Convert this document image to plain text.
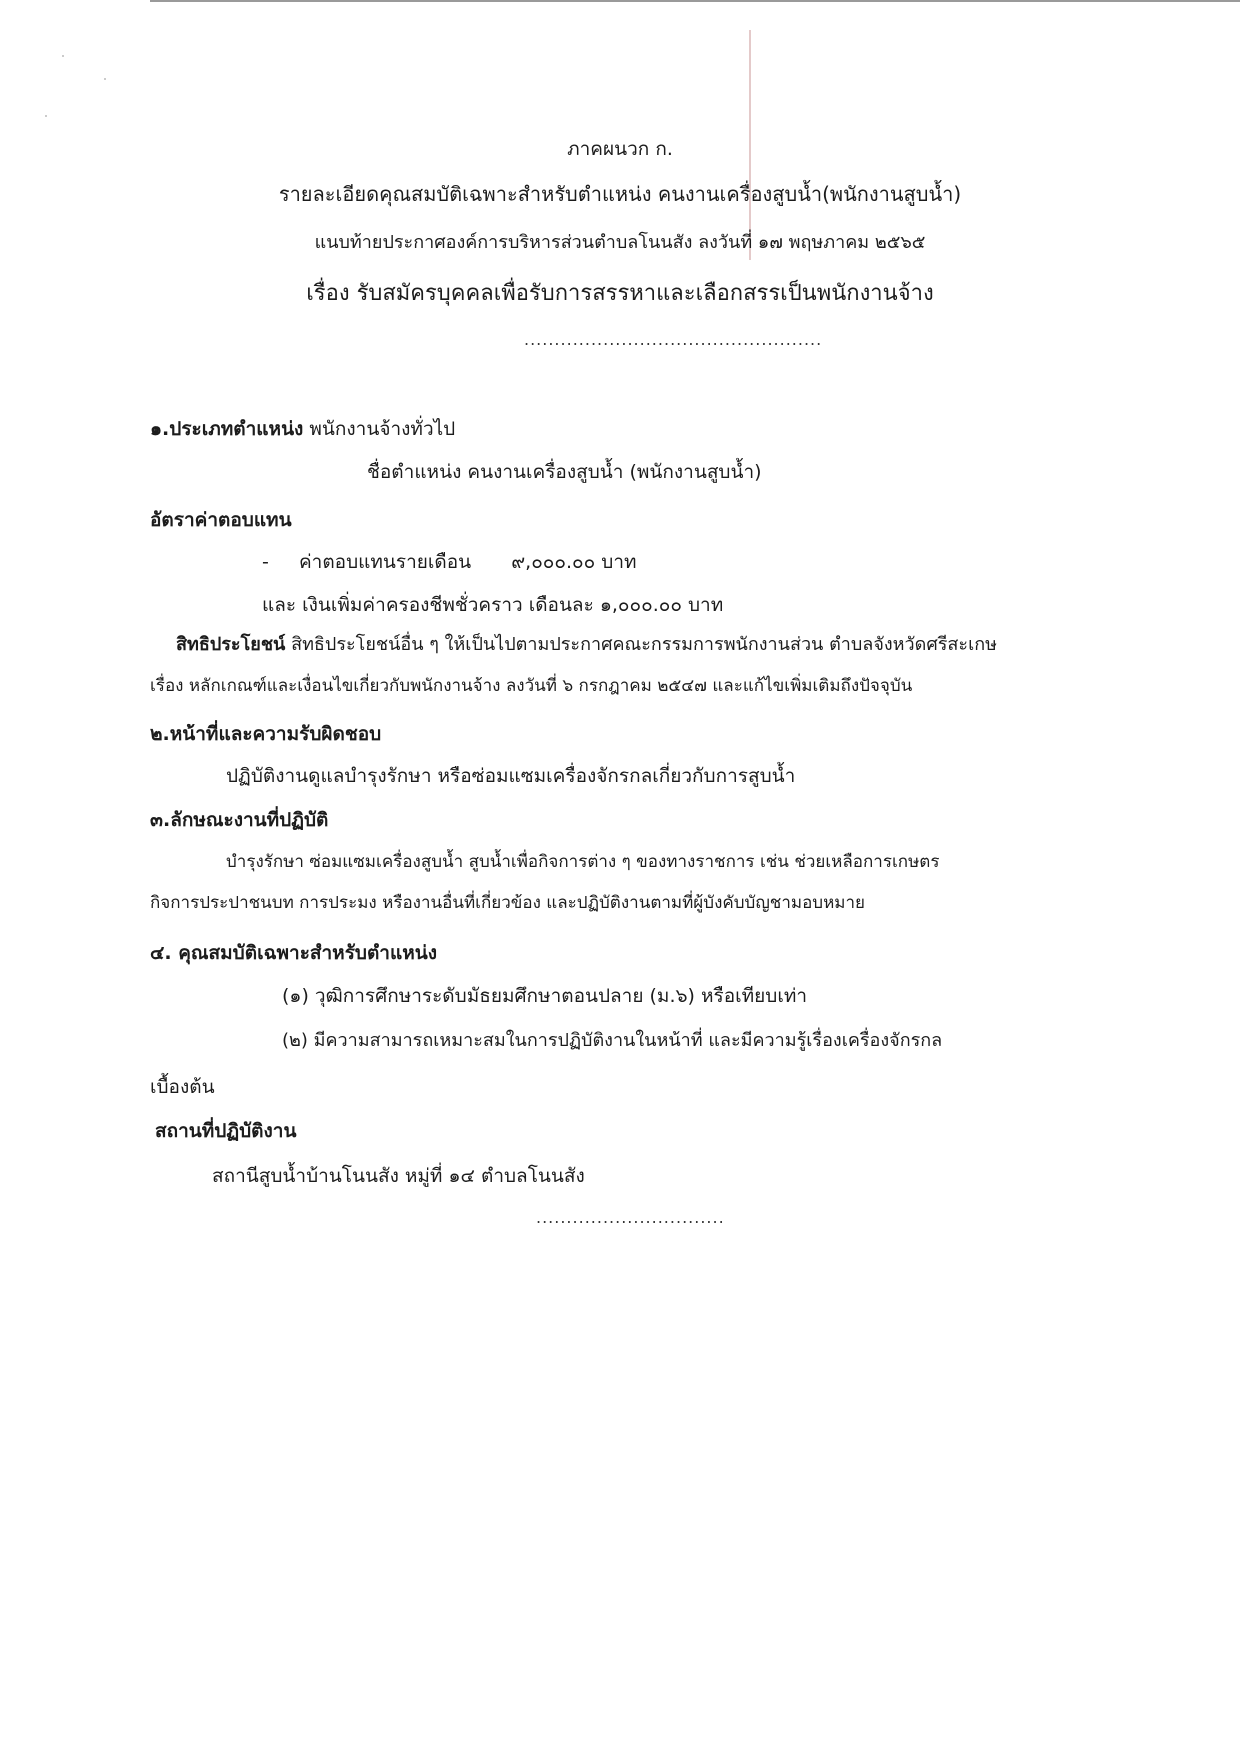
ภาคผนวก ก.
รายละเอียดคุณสมบัติเฉพาะสำหรับตำแหน่ง คนงานเครื่องสูบน้ำ(พนักงานสูบน้ำ)
แนบท้ายประกาศองค์การบริหารส่วนตำบลโนนสัง ลงวันที่ ๑๗ พฤษภาคม ๒๕๖๕
เรื่อง รับสมัครบุคคลเพื่อรับการสรรหาและเลือกสรรเป็นพนักงานจ้าง
.................................................
๑.ประเภทตำแหน่ง พนักงานจ้างทั่วไป
ชื่อตำแหน่ง คนงานเครื่องสูบน้ำ (พนักงานสูบน้ำ)
อัตราค่าตอบแทน
- ค่าตอบแทนรายเดือน ๙,๐๐๐.๐๐ บาท
และ เงินเพิ่มค่าครองชีพชั่วคราว เดือนละ ๑,๐๐๐.๐๐ บาท
สิทธิประโยชน์ สิทธิประโยชน์อื่น ๆ ให้เป็นไปตามประกาศคณะกรรมการพนักงานส่วน ตำบลจังหวัดศรีสะเกษ
เรื่อง หลักเกณฑ์และเงื่อนไขเกี่ยวกับพนักงานจ้าง ลงวันที่ ๖ กรกฎาคม ๒๕๔๗ และแก้ไขเพิ่มเติมถึงปัจจุบัน
๒.หน้าที่และความรับผิดชอบ
ปฏิบัติงานดูแลบำรุงรักษา หรือซ่อมแซมเครื่องจักรกลเกี่ยวกับการสูบน้ำ
๓.ลักษณะงานที่ปฏิบัติ
บำรุงรักษา ซ่อมแซมเครื่องสูบน้ำ สูบน้ำเพื่อกิจการต่าง ๆ ของทางราชการ เช่น ช่วยเหลือการเกษตร
กิจการประปาชนบท การประมง หรืองานอื่นที่เกี่ยวข้อง และปฏิบัติงานตามที่ผู้บังคับบัญชามอบหมาย
๔. คุณสมบัติเฉพาะสำหรับตำแหน่ง
(๑) วุฒิการศึกษาระดับมัธยมศึกษาตอนปลาย (ม.๖) หรือเทียบเท่า
(๒) มีความสามารถเหมาะสมในการปฏิบัติงานในหน้าที่ และมีความรู้เรื่องเครื่องจักรกล
เบื้องต้น
สถานที่ปฏิบัติงาน
สถานีสูบน้ำบ้านโนนสัง หมู่ที่ ๑๔ ตำบลโนนสัง
...............................
